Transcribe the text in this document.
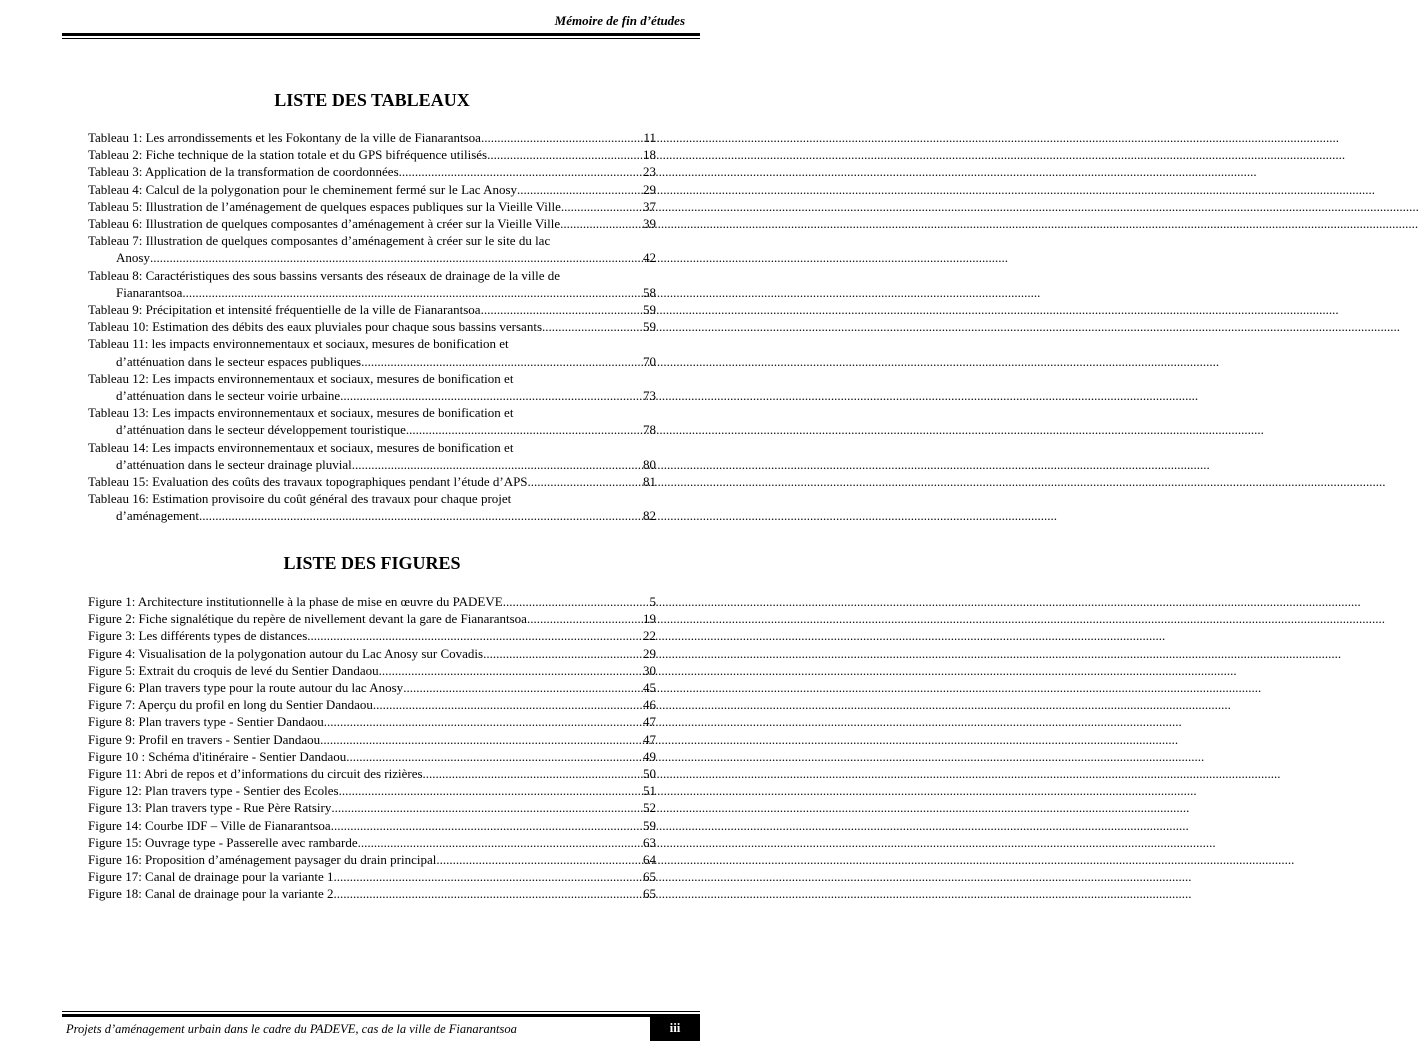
Mémoire de fin d’études
LISTE DES TABLEAUX
Tableau 1: Les arrondissements et les Fokontany de la ville de Fianarantsoa .....	11
Tableau 2: Fiche technique de la station totale et du GPS bifréquence utilisés .....	18
Tableau 3: Application de la transformation de coordonnées .....	23
Tableau 4: Calcul de la polygonation pour le cheminement fermé sur le Lac Anosy .....	29
Tableau 5: Illustration de l’aménagement de quelques espaces publiques sur la Vieille Ville .....	37
Tableau 6: Illustration de quelques composantes d’aménagement à créer sur la Vieille Ville .....	39
Tableau 7: Illustration de quelques composantes d’aménagement à créer sur le site du lac
Anosy .....	42
Tableau 8: Caractéristiques des sous bassins versants des réseaux de drainage de la ville de
Fianarantsoa .....	58
Tableau 9: Précipitation et intensité fréquentielle de la ville de Fianarantsoa .....	59
Tableau 10: Estimation des débits des eaux pluviales pour chaque sous bassins versants .....	59
Tableau 11: les impacts environnementaux et sociaux, mesures de bonification et
d’atténuation dans le secteur espaces publiques .....	70
Tableau 12: Les impacts environnementaux et sociaux, mesures de bonification et
d’atténuation dans le secteur voirie urbaine .....	73
Tableau 13: Les impacts environnementaux et sociaux, mesures de bonification et
d’atténuation dans le secteur développement touristique .....	78
Tableau 14: Les impacts environnementaux et sociaux, mesures de bonification et
d’atténuation dans le secteur drainage pluvial .....	80
Tableau 15: Evaluation des coûts des travaux topographiques pendant l’étude d’APS .....	81
Tableau 16: Estimation provisoire du coût général des travaux pour chaque projet
d’aménagement .....	82
LISTE DES FIGURES
Figure 1: Architecture institutionnelle à la phase de mise en œuvre du PADEVE .....	5
Figure 2: Fiche signalétique du repère de nivellement devant la gare de Fianarantsoa .....	19
Figure 3: Les différents types de distances .....	22
Figure 4: Visualisation de la polygonation autour du Lac Anosy sur Covadis .....	29
Figure 5: Extrait du croquis de levé du Sentier Dandaou .....	30
Figure 6: Plan travers type pour la route autour du lac Anosy .....	45
Figure 7: Aperçu du profil en long du Sentier Dandaou .....	46
Figure 8: Plan travers type - Sentier Dandaou .....	47
Figure 9: Profil en travers - Sentier Dandaou .....	47
Figure 10 : Schéma d'itinéraire - Sentier Dandaou .....	49
Figure 11: Abri de repos et d’informations du circuit des rizières .....	50
Figure 12: Plan travers type - Sentier des Ecoles .....	51
Figure 13: Plan travers type - Rue Père Ratsiry .....	52
Figure 14: Courbe IDF – Ville de Fianarantsoa .....	59
Figure 15: Ouvrage type - Passerelle avec rambarde .....	63
Figure 16: Proposition d’aménagement paysager du drain principal .....	64
Figure 17: Canal de drainage pour la variante 1 .....	65
Figure 18: Canal de drainage pour la variante 2 .....	65
Projets d’aménagement urbain dans le cadre du PADEVE, cas de la ville de Fianarantsoa	iii
